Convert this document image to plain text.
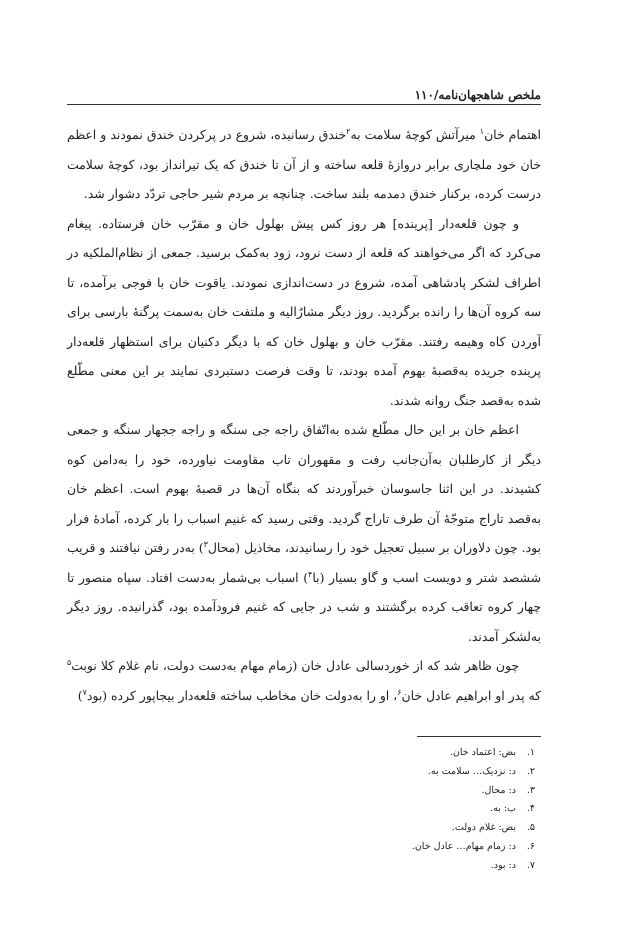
ملخص شاهجهان‌نامه/۱۱۰

اهتمام خان$^۱$ میرآتش کوچهٔ سلامت به$^۲$خندق رسانیده، شروع در پرکردن خندق نمودند و اعظم خان خود ملچاری برابر دروازهٔ قلعه ساخته و از آن تا خندق که یک تیرانداز بود، کوچهٔ سلامت درست کرده، برکنار خندق دمدمه بلند ساخت. چنانچه بر مردم شیر حاجی تردّد دشوار شد.

و چون قلعه‌دار [پرینده] هر روز کس پیش بهلول خان و مقرّب خان فرستاده. پیغام می‌کرد که اگر می‌خواهند که قلعه از دست نرود، زود به‌کمک برسید. جمعی از نظام‌الملکیه در اطراف لشکر پادشاهی آمده، شروع در دست‌اندازی نمودند. یاقوت خان با فوجی برآمده، تا سه کروه آن‌ها را رانده برگردید. روز دیگر مشارٌالیه و ملتفت خان به‌سمت پرگنهٔ بارسی برای آوردن کاه وهیمه رفتند. مقرّب خان و بهلول خان که با دیگر دکنیان برای استظهار قلعه‌دار پرینده جریده به‌قصبهٔ بهوم آمده بودند، تا وقت فرصت دستبردی نمایند بر این معنی مطّلع شده به‌قصد جنگ روانه شدند.

اعظم خان بر این حال مطّلع شده به‌اتّفاق راجه جی سنگه و راجه ججهار سنگه و جمعی دیگر از کارطلبان به‌آن‌جانب رفت و مقهوران تاب مقاومت نیاورده، خود را به‌دامن کوه کشیدند. در این اثنا جاسوسان خبرآوردند که بنگاه آن‌ها در قصبهٔ بهوم است. اعظم خان به‌قصد تاراج متوجّهٔ آن طرف تاراج گردید. وقتی رسید که غنیم اسباب را بار کرده، آمادهٔ فرار بود. چون دلاوران بر سبیل تعجیل خود را رسانیدند، مخاذیل (محال$^۳$) به‌در رفتن نیافتند و قریب ششصد شتر و دویست اسب و گاو بسیار (با$^۴$) اسباب بی‌شمار به‌دست افتاد. سپاه منصور تا چهار کروه تعاقب کرده برگشتند و شب در جایی که غنیم فرودآمده بود، گذرانیده. روز دیگر به‌لشکر آمدند.

چون ظاهر شد که از خوردسالی عادل خان (زمام مهام به‌دست دولت، نام غلام کلا نوبت$^۵$ که پدر او ابراهیم عادل خان$^۶$، او را به‌دولت خان مخاطب ساخته قلعه‌دار بیجاپور کرده (بود$^۷$)

۱. بض: اعتماد خان.
۲. د: نزدیک… سلامت به.
۳. د: محال.
۴. ب: به.
۵. بض: غلام دولت.
۶. د: زمام مهام… عادل خان.
۷. د: بود.
